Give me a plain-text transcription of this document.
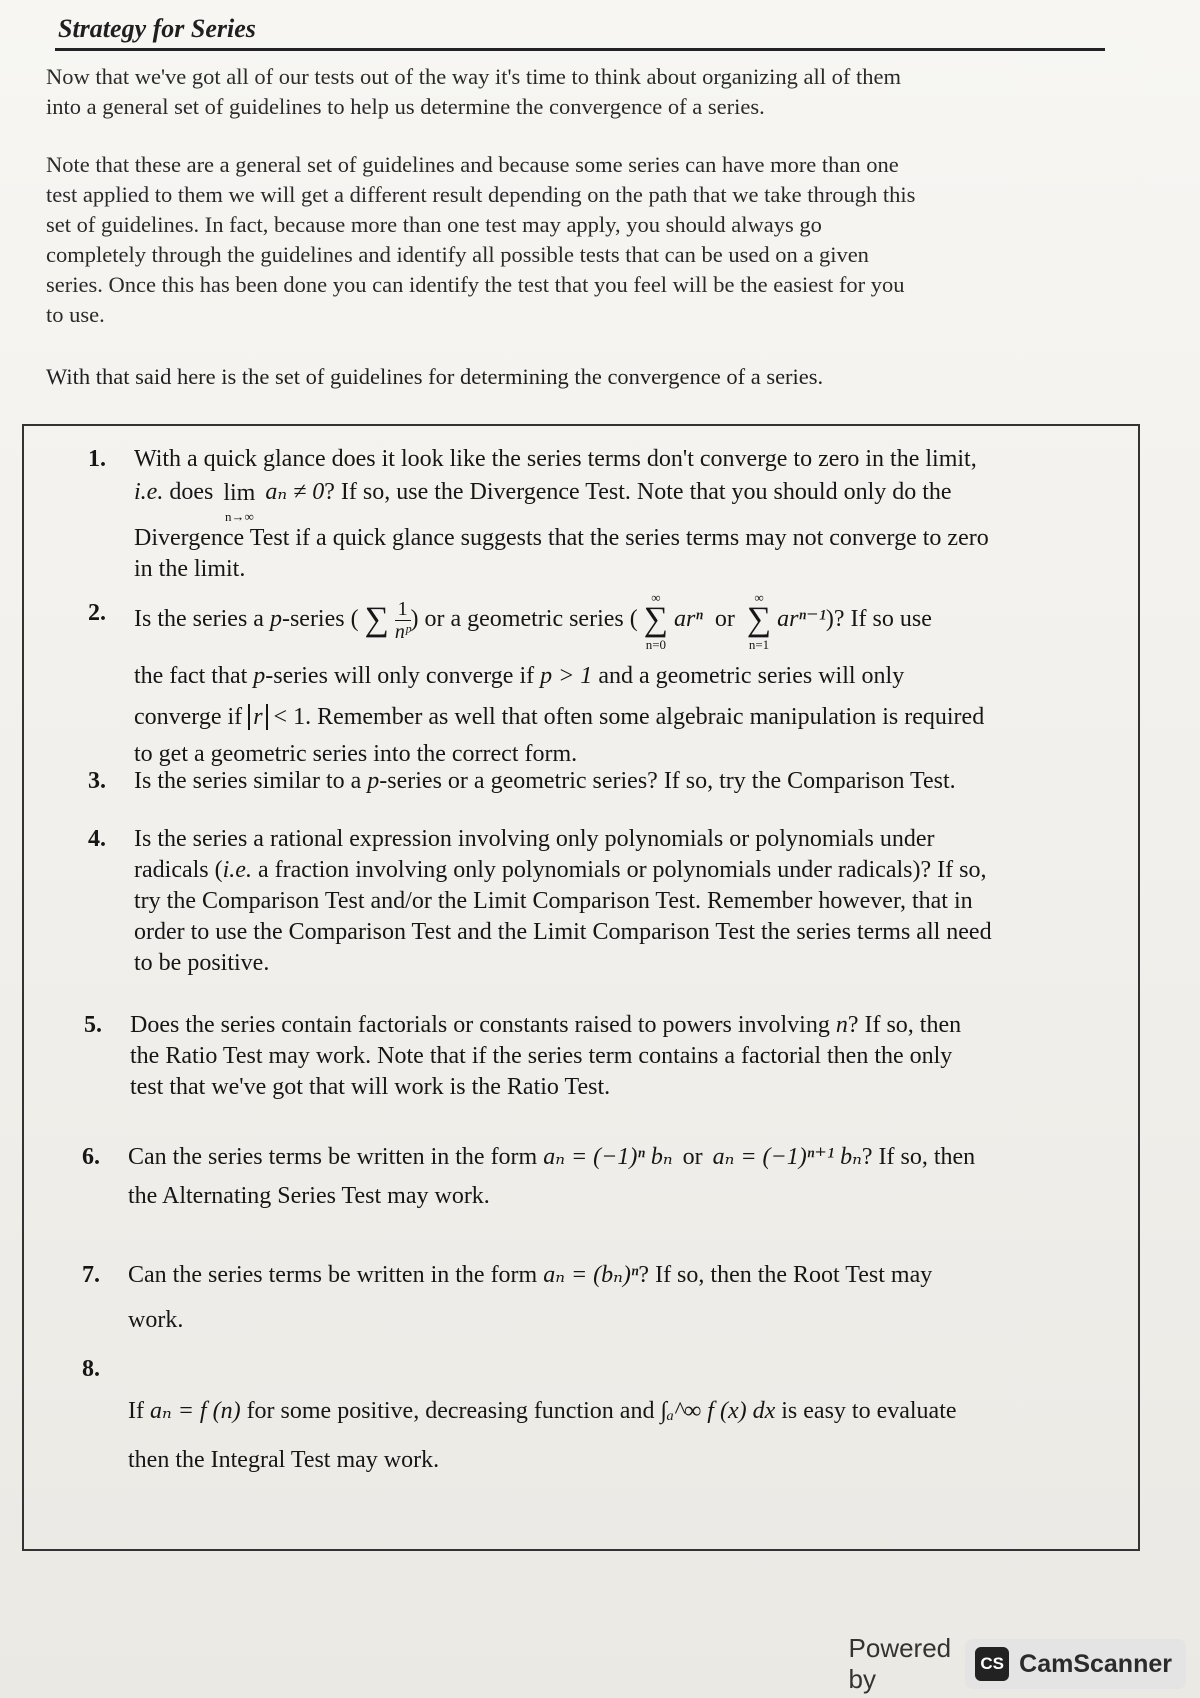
Strategy for Series
Now that we've got all of our tests out of the way it's time to think about organizing all of them
into a general set of guidelines to help us determine the convergence of a series.
Note that these are a general set of guidelines and because some series can have more than one
test applied to them we will get a different result depending on the path that we take through this
set of guidelines. In fact, because more than one test may apply, you should always go
completely through the guidelines and identify all possible tests that can be used on a given
series. Once this has been done you can identify the test that you feel will be the easiest for you
to use.
With that said here is the set of guidelines for determining the convergence of a series.
1. With a quick glance does it look like the series terms don't converge to zero in the limit,
i.e. does lim
n→∞
aₙ ≠ 0? If so, use the Divergence Test. Note that you should only do the
Divergence Test if a quick glance suggests that the series terms may not converge to zero
in the limit.
2. Is the series a p-series ( ∑ $\frac{1}{\text{nᵖ}}$ ) or a geometric series (
∞
∑
n=0
arⁿ or
∞
∑
n=1
arⁿ⁻¹)? If so use
the fact that p-series will only converge if p > 1 and a geometric series will only
converge if r < 1. Remember as well that often some algebraic manipulation is required
to get a geometric series into the correct form.
3. Is the series similar to a p-series or a geometric series? If so, try the Comparison Test.
4. Is the series a rational expression involving only polynomials or polynomials under
radicals (i.e. a fraction involving only polynomials or polynomials under radicals)? If so,
try the Comparison Test and/or the Limit Comparison Test. Remember however, that in
order to use the Comparison Test and the Limit Comparison Test the series terms all need
to be positive.
5. Does the series contain factorials or constants raised to powers involving n? If so, then
the Ratio Test may work. Note that if the series term contains a factorial then the only
test that we've got that will work is the Ratio Test.
6. Can the series terms be written in the form aₙ = (−1)ⁿ bₙ or aₙ = (−1)ⁿ⁺¹ bₙ? If so, then
the Alternating Series Test may work.
7. Can the series terms be written in the form aₙ = (bₙ)ⁿ? If so, then the Root Test may
work.
8.
If aₙ = f (n) for some positive, decreasing function and ∫ₐ^∞ f (x) dx is easy to evaluate
then the Integral Test may work.
Powered by
CS CamScanner
